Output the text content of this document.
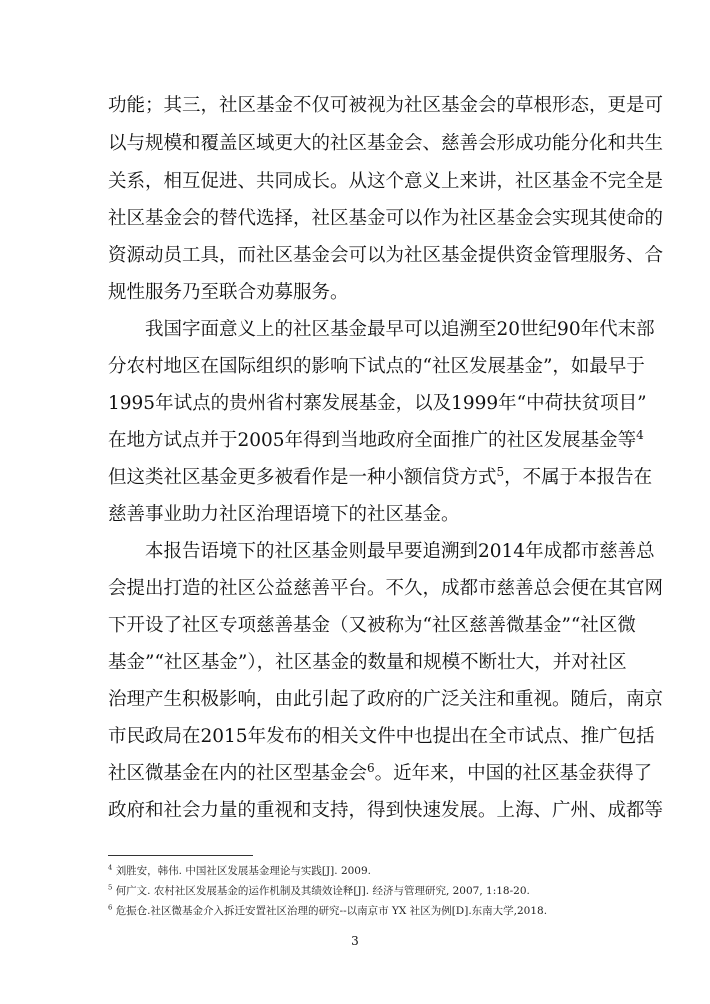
功能；其三，社区基金不仅可被视为社区基金会的草根形态，更是可
以与规模和覆盖区域更大的社区基金会、慈善会形成功能分化和共生
关系，相互促进、共同成长。从这个意义上来讲，社区基金不完全是
社区基金会的替代选择，社区基金可以作为社区基金会实现其使命的
资源动员工具，而社区基金会可以为社区基金提供资金管理服务、合
规性服务乃至联合劝募服务。
我国字面意义上的社区基金最早可以追溯至20世纪90年代末部
分农村地区在国际组织的影响下试点的“社区发展基金”，如最早于
1995年试点的贵州省村寨发展基金，以及1999年“中荷扶贫项目”
在地方试点并于2005年得到当地政府全面推广的社区发展基金等$^4$
但这类社区基金更多被看作是一种小额信贷方式$^5$，不属于本报告在
慈善事业助力社区治理语境下的社区基金。
本报告语境下的社区基金则最早要追溯到2014年成都市慈善总
会提出打造的社区公益慈善平台。不久，成都市慈善总会便在其官网
下开设了社区专项慈善基金（又被称为“社区慈善微基金”“社区微
基金”“社区基金”），社区基金的数量和规模不断壮大，并对社区
治理产生积极影响，由此引起了政府的广泛关注和重视。随后，南京
市民政局在2015年发布的相关文件中也提出在全市试点、推广包括
社区微基金在内的社区型基金会$^6$。近年来，中国的社区基金获得了
政府和社会力量的重视和支持，得到快速发展。上海、广州、成都等
$^4$ 刘胜安，韩伟. 中国社区发展基金理论与实践[J]. 2009.
$^5$ 何广文. 农村社区发展基金的运作机制及其绩效诠释[J]. 经济与管理研究, 2007, 1:18-20.
$^6$ 危振仓.社区微基金介入拆迁安置社区治理的研究--以南京市 YX 社区为例[D].东南大学,2018.
3
